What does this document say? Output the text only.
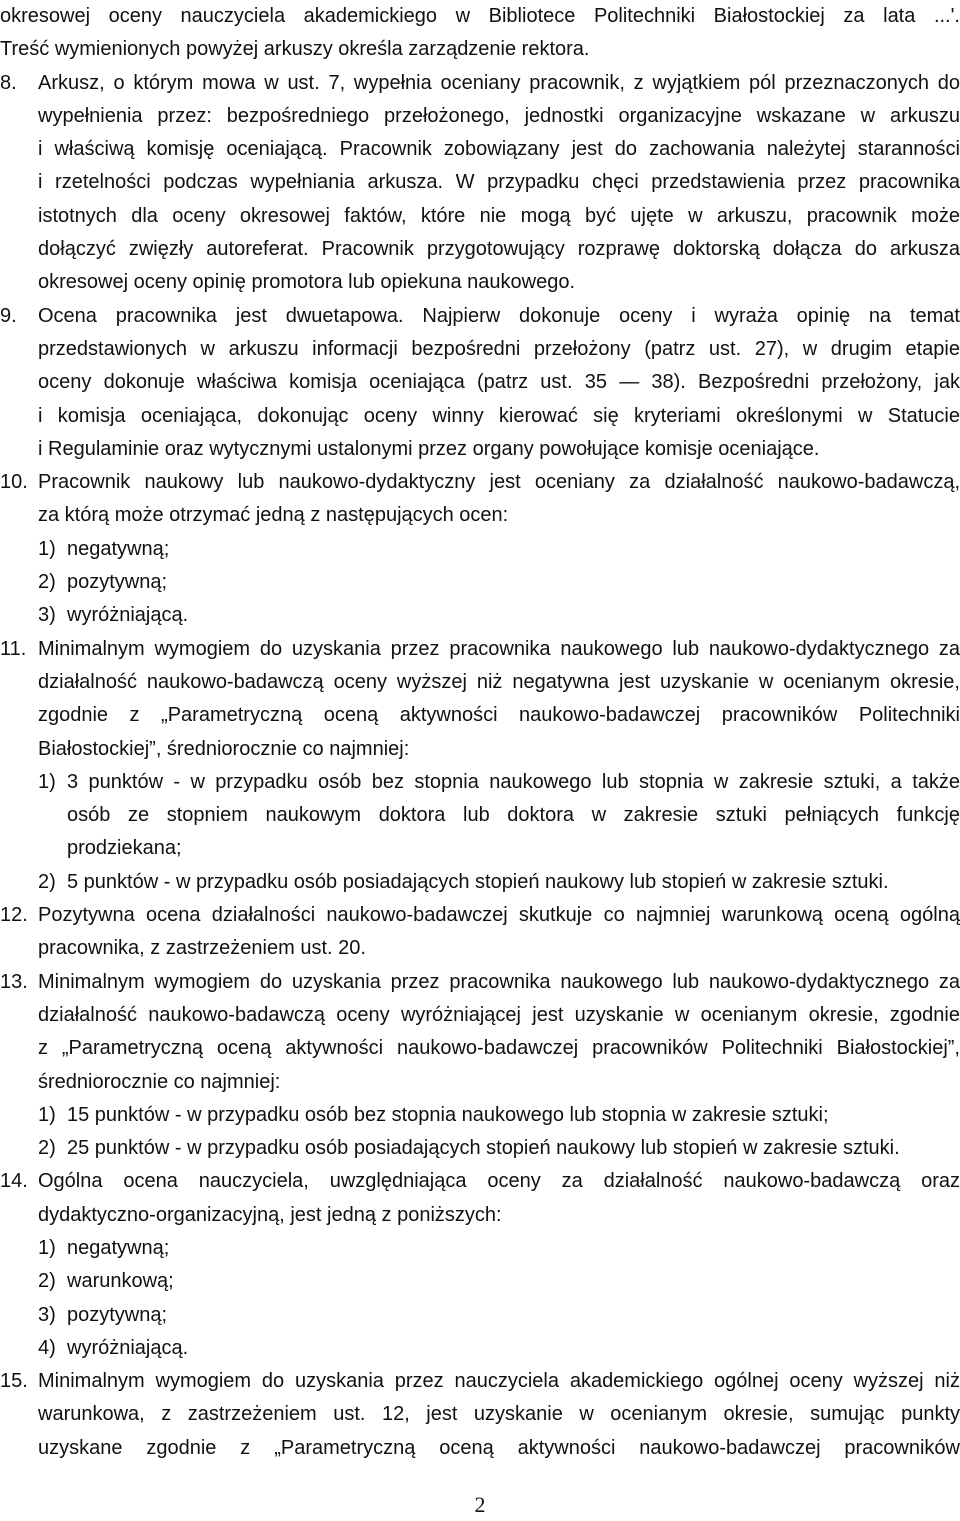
okresowej oceny nauczyciela akademickiego w Bibliotece Politechniki Białostockiej za lata ...'.
Treść wymienionych powyżej arkuszy określa zarządzenie rektora.
8.	Arkusz, o którym mowa w ust. 7, wypełnia oceniany pracownik, z wyjątkiem pól przeznaczonych do
wypełnienia przez: bezpośredniego przełożonego, jednostki organizacyjne wskazane w arkuszu
i właściwą komisję oceniającą. Pracownik zobowiązany jest do zachowania należytej staranności
i rzetelności podczas wypełniania arkusza. W przypadku chęci przedstawienia przez pracownika
istotnych dla oceny okresowej faktów, które nie mogą być ujęte w arkuszu, pracownik może
dołączyć zwięzły autoreferat. Pracownik przygotowujący rozprawę doktorską dołącza do arkusza
okresowej oceny opinię promotora lub opiekuna naukowego.
9.	Ocena pracownika jest dwuetapowa. Najpierw dokonuje oceny i wyraża opinię na temat
przedstawionych w arkuszu informacji bezpośredni przełożony (patrz ust. 27), w drugim etapie
oceny dokonuje właściwa komisja oceniająca (patrz ust. 35 — 38). Bezpośredni przełożony, jak
i komisja oceniająca, dokonując oceny winny kierować się kryteriami określonymi w Statucie
i Regulaminie oraz wytycznymi ustalonymi przez organy powołujące komisje oceniające.
10. Pracownik naukowy lub naukowo-dydaktyczny jest oceniany za działalność naukowo-badawczą,
za którą może otrzymać jedną z następujących ocen:
1) negatywną;
2) pozytywną;
3) wyróżniającą.
11. Minimalnym wymogiem do uzyskania przez pracownika naukowego lub naukowo-dydaktycznego za
działalność naukowo-badawczą oceny wyższej niż negatywna jest uzyskanie w ocenianym okresie,
zgodnie z „Parametryczną oceną aktywności naukowo-badawczej pracowników Politechniki
Białostockiej”, średniorocznie co najmniej:
1) 3 punktów - w przypadku osób bez stopnia naukowego lub stopnia w zakresie sztuki, a także
osób ze stopniem naukowym doktora lub doktora w zakresie sztuki pełniących funkcję
prodziekana;
2) 5 punktów - w przypadku osób posiadających stopień naukowy lub stopień w zakresie sztuki.
12. Pozytywna ocena działalności naukowo-badawczej skutkuje co najmniej warunkową oceną ogólną
pracownika, z zastrzeżeniem ust. 20.
13. Minimalnym wymogiem do uzyskania przez pracownika naukowego lub naukowo-dydaktycznego za
działalność naukowo-badawczą oceny wyróżniającej jest uzyskanie w ocenianym okresie, zgodnie
z „Parametryczną oceną aktywności naukowo-badawczej pracowników Politechniki Białostockiej”,
średniorocznie co najmniej:
1) 15 punktów - w przypadku osób bez stopnia naukowego lub stopnia w zakresie sztuki;
2) 25 punktów - w przypadku osób posiadających stopień naukowy lub stopień w zakresie sztuki.
14. Ogólna ocena nauczyciela, uwzględniająca oceny za działalność naukowo-badawczą oraz
dydaktyczno-organizacyjną, jest jedną z poniższych:
1) negatywną;
2) warunkową;
3) pozytywną;
4) wyróżniającą.
15. Minimalnym wymogiem do uzyskania przez nauczyciela akademickiego ogólnej oceny wyższej niż
warunkowa, z zastrzeżeniem ust. 12, jest uzyskanie w ocenianym okresie, sumując punkty
uzyskane zgodnie z „Parametryczną oceną aktywności naukowo-badawczej pracowników
2
